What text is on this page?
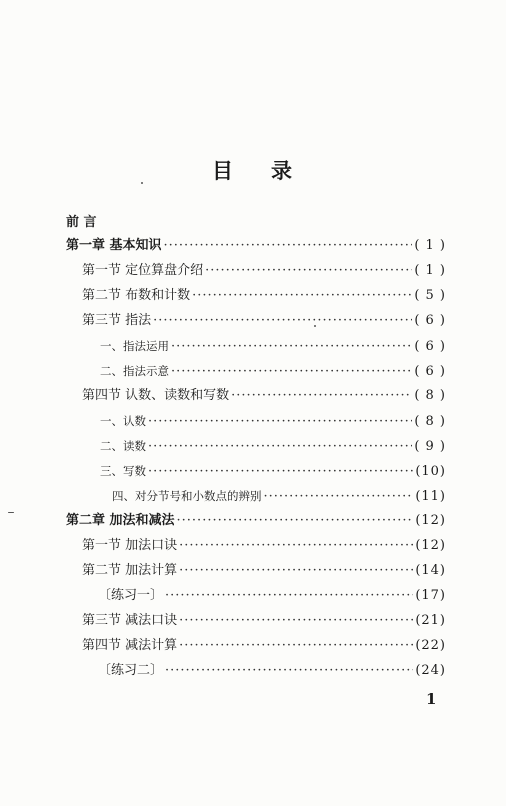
目 录
前 言
第一章 基本知识 ·····	( 1 )
第一节 定位算盘介绍 ·····	( 1 )
第二节 布数和计数 ·····	( 5 )
第三节 指法 ·····	( 6 )
一、指法运用 ·····	( 6 )
二、指法示意 ·····	( 6 )
第四节 认数、读数和写数 ·····	( 8 )
一、认数 ·····	( 8 )
二、读数 ·····	( 9 )
三、写数 ·····	(10)
四、对分节号和小数点的辨别 ·····	(11)
第二章 加法和减法 ·····	(12)
第一节 加法口诀 ·····	(12)
第二节 加法计算 ·····	(14)
〔练习一〕 ·····	(17)
第三节 减法口诀 ·····	(21)
第四节 减法计算 ·····	(22)
〔练习二〕 ·····	(24)
1
